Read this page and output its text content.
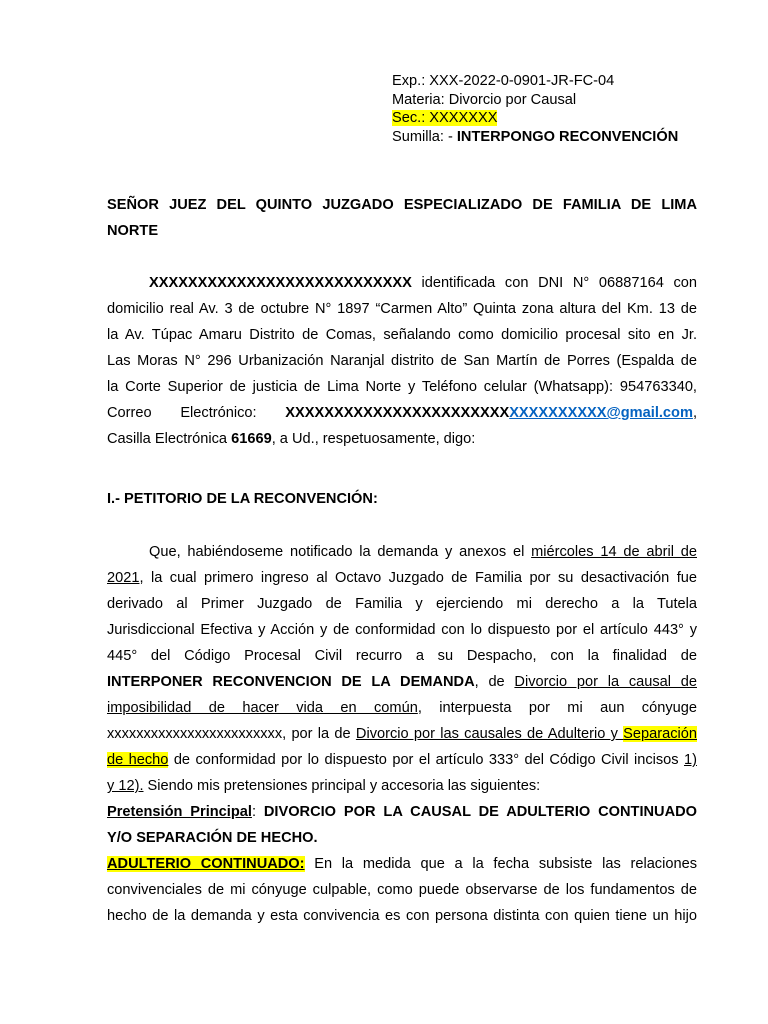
Exp.: XXX-2022-0-0901-JR-FC-04
Materia: Divorcio por Causal
Sec.: XXXXXXX
Sumilla: - INTERPONGO RECONVENCIÓN
SEÑOR JUEZ DEL QUINTO JUZGADO ESPECIALIZADO DE FAMILIA DE LIMA
NORTE
XXXXXXXXXXXXXXXXXXXXXXXXXXX identificada con DNI N° 06887164 con
domicilio real Av. 3 de octubre N° 1897 “Carmen Alto” Quinta zona altura del Km. 13 de
la Av. Túpac Amaru Distrito de Comas, señalando como domicilio procesal sito en Jr.
Las Moras N° 296 Urbanización Naranjal distrito de San Martín de Porres (Espalda de
la Corte Superior de justicia de Lima Norte y Teléfono celular (Whatsapp): 954763340,
Correo Electrónico: XXXXXXXXXXXXXXXXXXXXXXXXXXXXXXXXX@gmail.com,
Casilla Electrónica 61669, a Ud., respetuosamente, digo:
I.- PETITORIO DE LA RECONVENCIÓN:
Que, habiéndoseme notificado la demanda y anexos el miércoles 14 de abril de
2021, la cual primero ingreso al Octavo Juzgado de Familia por su desactivación fue
derivado al Primer Juzgado de Familia y ejerciendo mi derecho a la Tutela
Jurisdiccional Efectiva y Acción y de conformidad con lo dispuesto por el artículo 443° y
445° del Código Procesal Civil recurro a su Despacho, con la finalidad de
INTERPONER RECONVENCION DE LA DEMANDA, de Divorcio por la causal de
imposibilidad de hacer vida en común, interpuesta por mi aun cónyuge
xxxxxxxxxxxxxxxxxxxxxxxx, por la de Divorcio por las causales de Adulterio y Separación
de hecho de conformidad por lo dispuesto por el artículo 333° del Código Civil incisos 1)
y 12). Siendo mis pretensiones principal y accesoria las siguientes:
Pretensión Principal: DIVORCIO POR LA CAUSAL DE ADULTERIO CONTINUADO
Y/O SEPARACIÓN DE HECHO.
ADULTERIO CONTINUADO: En la medida que a la fecha subsiste las relaciones
convivenciales de mi cónyuge culpable, como puede observarse de los fundamentos de
hecho de la demanda y esta convivencia es con persona distinta con quien tiene un hijo
